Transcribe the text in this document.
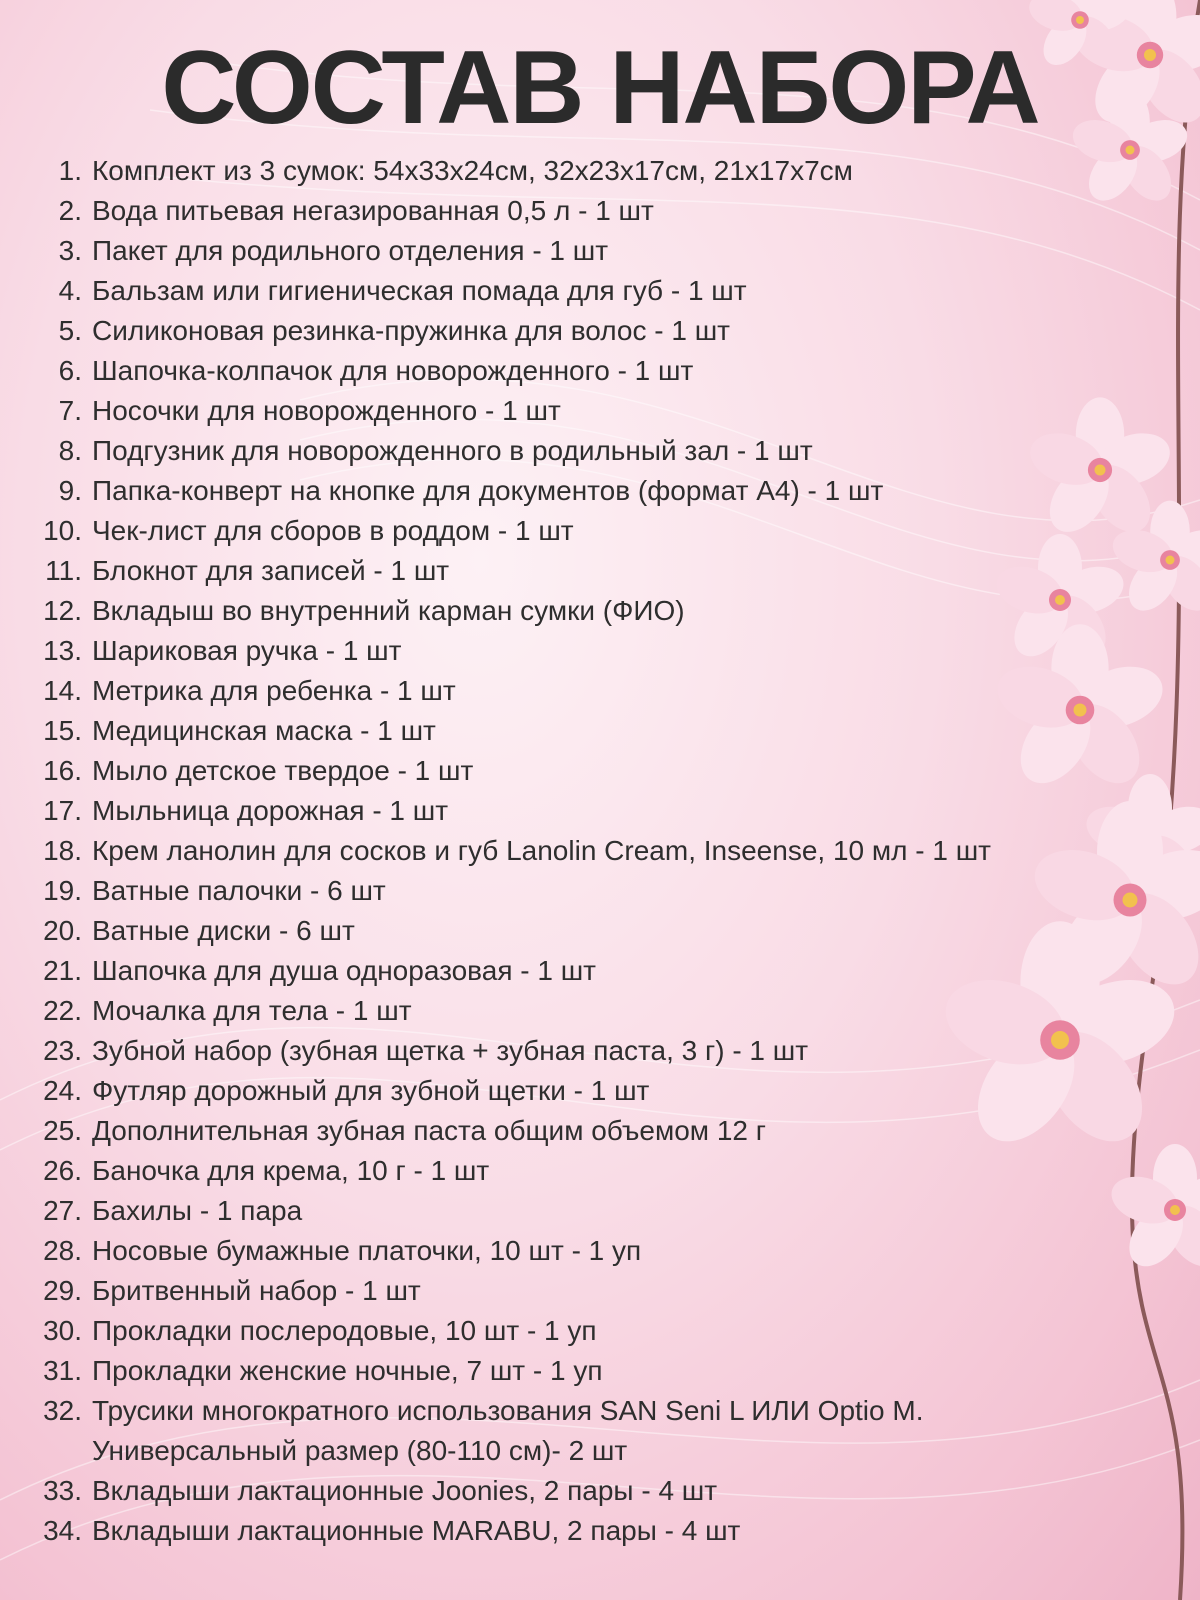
СОСТАВ НАБОРА
1. Комплект из 3 сумок: 54х33х24см, 32х23х17см, 21х17х7см
2. Вода питьевая негазированная 0,5 л - 1 шт
3. Пакет для родильного отделения - 1 шт
4. Бальзам или гигиеническая помада для губ - 1 шт
5. Силиконовая резинка-пружинка для волос - 1 шт
6. Шапочка-колпачок для новорожденного - 1 шт
7. Носочки для новорожденного - 1 шт
8. Подгузник для новорожденного в родильный зал - 1 шт
9. Папка-конверт на кнопке для документов (формат А4) - 1 шт
10. Чек-лист для сборов в роддом - 1 шт
11. Блокнот для записей - 1 шт
12. Вкладыш во внутренний карман сумки (ФИО)
13. Шариковая ручка - 1 шт
14. Метрика для ребенка - 1 шт
15. Медицинская маска - 1 шт
16. Мыло детское твердое - 1 шт
17. Мыльница дорожная - 1 шт
18. Крем ланолин для сосков и губ Lanolin Cream, Inseense, 10 мл - 1 шт
19. Ватные палочки - 6 шт
20. Ватные диски - 6 шт
21. Шапочка для душа одноразовая - 1 шт
22. Мочалка для тела - 1 шт
23. Зубной набор (зубная щетка + зубная паста, 3 г) - 1 шт
24. Футляр дорожный для зубной щетки - 1 шт
25. Дополнительная зубная паста общим объемом 12 г
26. Баночка для крема, 10 г - 1 шт
27. Бахилы - 1 пара
28. Носовые бумажные платочки, 10 шт - 1 уп
29. Бритвенный набор - 1 шт
30. Прокладки послеродовые, 10 шт - 1 уп
31. Прокладки женские ночные, 7 шт - 1 уп
32. Трусики многократного использования SAN Seni L ИЛИ Optio M.
Универсальный размер (80-110 см)- 2 шт
33. Вкладыши лактационные Joonies, 2 пары - 4 шт
34. Вкладыши лактационные MARABU, 2 пары - 4 шт
